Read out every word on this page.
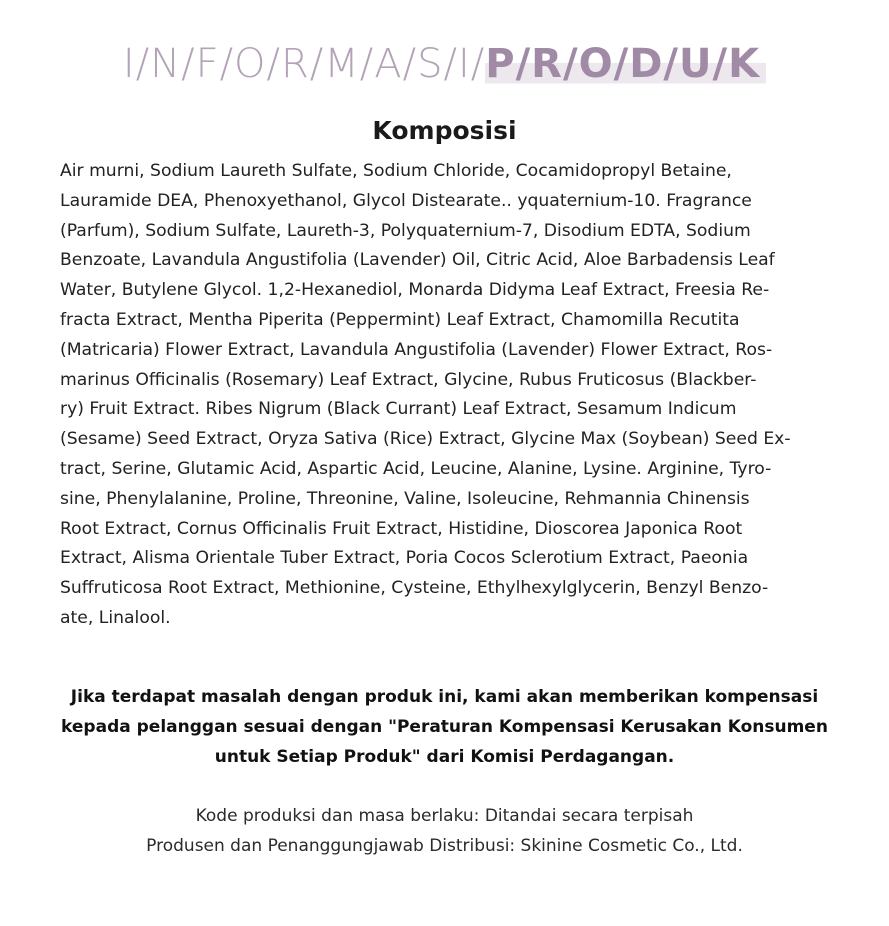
I/N/F/O/R/M/A/S/I/P/R/O/D/U/K
Komposisi
Air murni, Sodium Laureth Sulfate, Sodium Chloride, Cocamidopropyl Betaine,
Lauramide DEA, Phenoxyethanol, Glycol Distearate.. yquaternium-10. Fragrance
(Parfum), Sodium Sulfate, Laureth-3, Polyquaternium-7, Disodium EDTA, Sodium
Benzoate, Lavandula Angustifolia (Lavender) Oil, Citric Acid, Aloe Barbadensis Leaf
Water, Butylene Glycol. 1,2-Hexanediol, Monarda Didyma Leaf Extract, Freesia Re-
fracta Extract, Mentha Piperita (Peppermint) Leaf Extract, Chamomilla Recutita
(Matricaria) Flower Extract, Lavandula Angustifolia (Lavender) Flower Extract, Ros-
marinus Officinalis (Rosemary) Leaf Extract, Glycine, Rubus Fruticosus (Blackber-
ry) Fruit Extract. Ribes Nigrum (Black Currant) Leaf Extract, Sesamum Indicum
(Sesame) Seed Extract, Oryza Sativa (Rice) Extract, Glycine Max (Soybean) Seed Ex-
tract, Serine, Glutamic Acid, Aspartic Acid, Leucine, Alanine, Lysine. Arginine, Tyro-
sine, Phenylalanine, Proline, Threonine, Valine, Isoleucine, Rehmannia Chinensis
Root Extract, Cornus Officinalis Fruit Extract, Histidine, Dioscorea Japonica Root
Extract, Alisma Orientale Tuber Extract, Poria Cocos Sclerotium Extract, Paeonia
Suffruticosa Root Extract, Methionine, Cysteine, Ethylhexylglycerin, Benzyl Benzo-
ate, Linalool.
Jika terdapat masalah dengan produk ini, kami akan memberikan kompensasi
kepada pelanggan sesuai dengan "Peraturan Kompensasi Kerusakan Konsumen
untuk Setiap Produk" dari Komisi Perdagangan.
Kode produksi dan masa berlaku: Ditandai secara terpisah
Produsen dan Penanggungjawab Distribusi: Skinine Cosmetic Co., Ltd.
